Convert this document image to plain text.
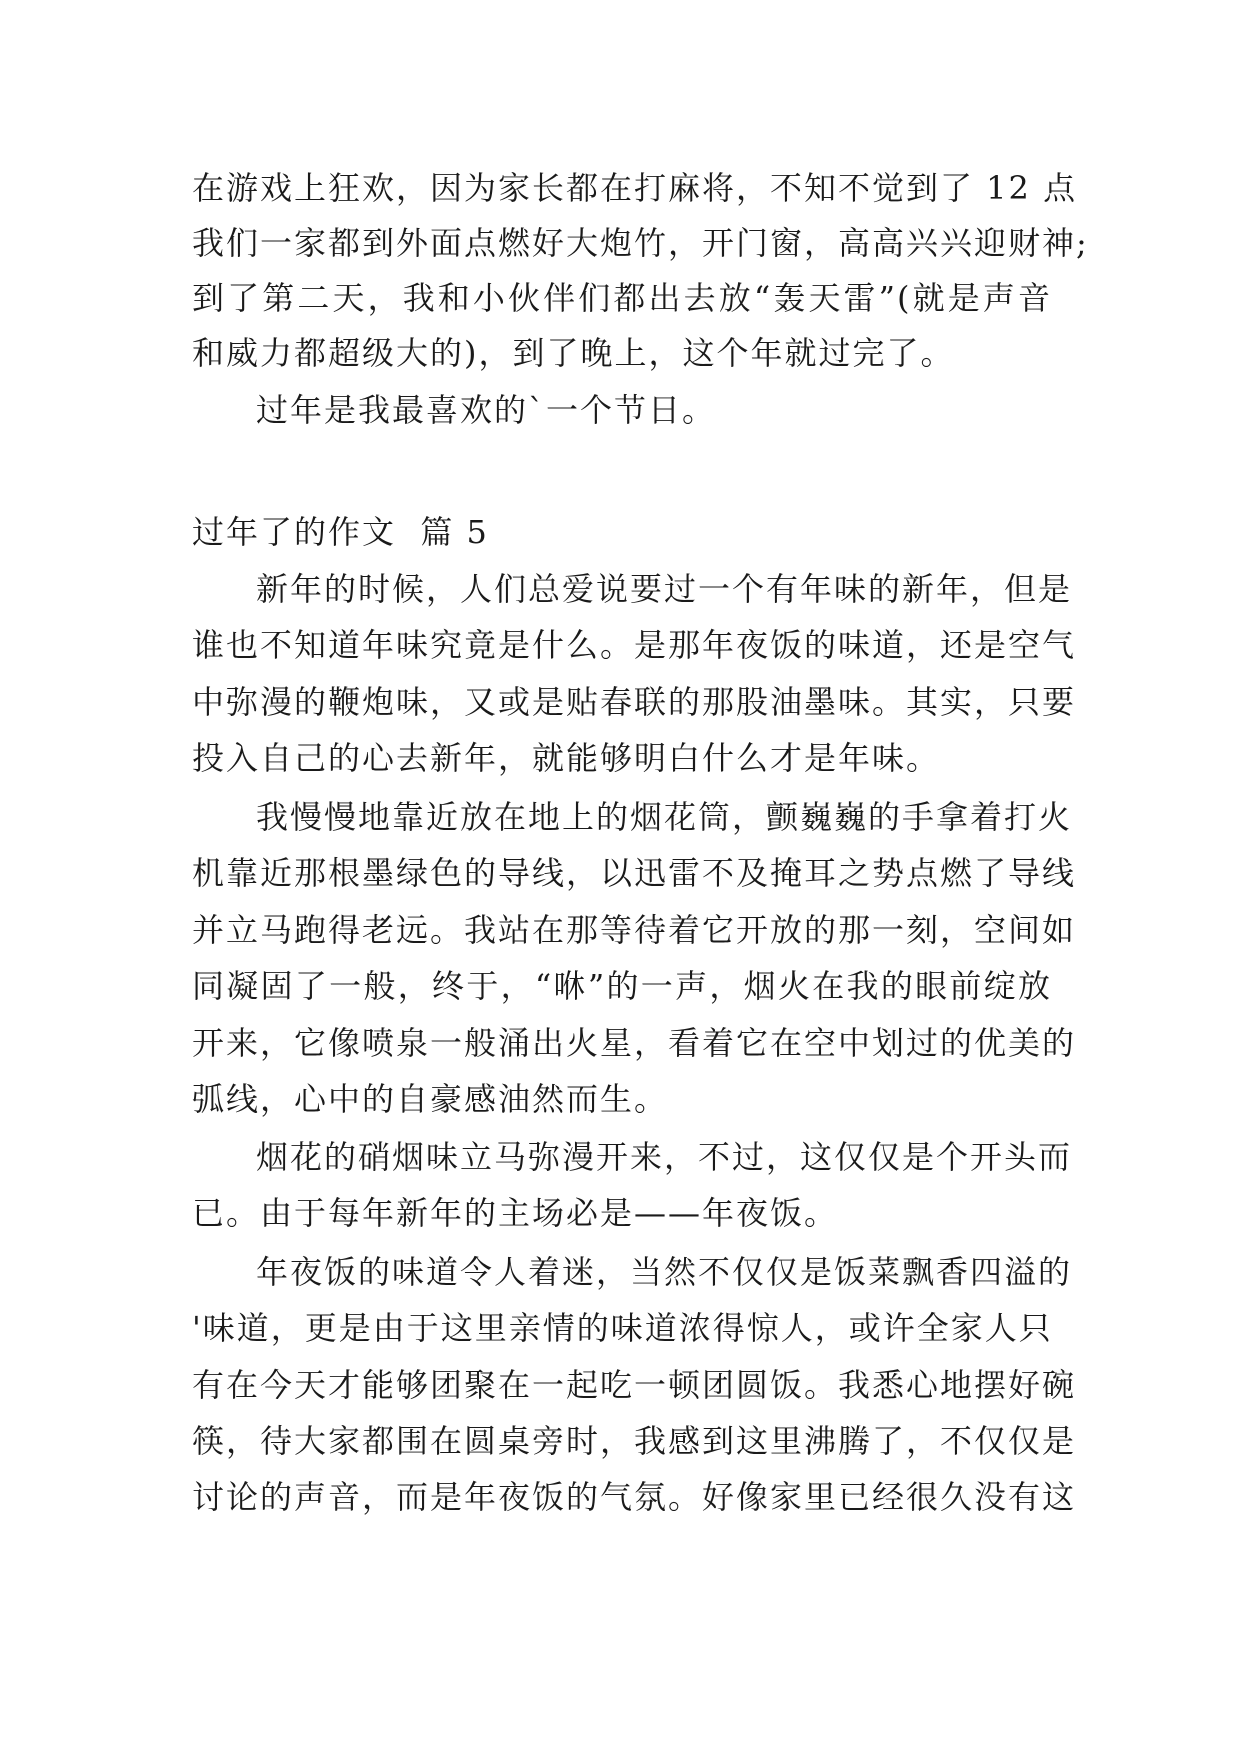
在游戏上狂欢，因为家长都在打麻将，不知不觉到了 12 点
我们一家都到外面点燃好大炮竹，开门窗，高高兴兴迎财神;
到了第二天，我和小伙伴们都出去放“轰天雷”(就是声音
和威力都超级大的)，到了晚上，这个年就过完了。
过年是我最喜欢的`一个节日。
过年了的作文  篇 5
新年的时候，人们总爱说要过一个有年味的新年，但是
谁也不知道年味究竟是什么。是那年夜饭的味道，还是空气
中弥漫的鞭炮味，又或是贴春联的那股油墨味。其实，只要
投入自己的心去新年，就能够明白什么才是年味。
我慢慢地靠近放在地上的烟花筒，颤巍巍的手拿着打火
机靠近那根墨绿色的导线，以迅雷不及掩耳之势点燃了导线
并立马跑得老远。我站在那等待着它开放的那一刻，空间如
同凝固了一般，终于，“咻”的一声，烟火在我的眼前绽放
开来，它像喷泉一般涌出火星，看着它在空中划过的优美的
弧线，心中的自豪感油然而生。
烟花的硝烟味立马弥漫开来，不过，这仅仅是个开头而
已。由于每年新年的主场必是——年夜饭。
年夜饭的味道令人着迷，当然不仅仅是饭菜飘香四溢的
'味道，更是由于这里亲情的味道浓得惊人，或许全家人只
有在今天才能够团聚在一起吃一顿团圆饭。我悉心地摆好碗
筷，待大家都围在圆桌旁时，我感到这里沸腾了，不仅仅是
讨论的声音，而是年夜饭的气氛。好像家里已经很久没有这
